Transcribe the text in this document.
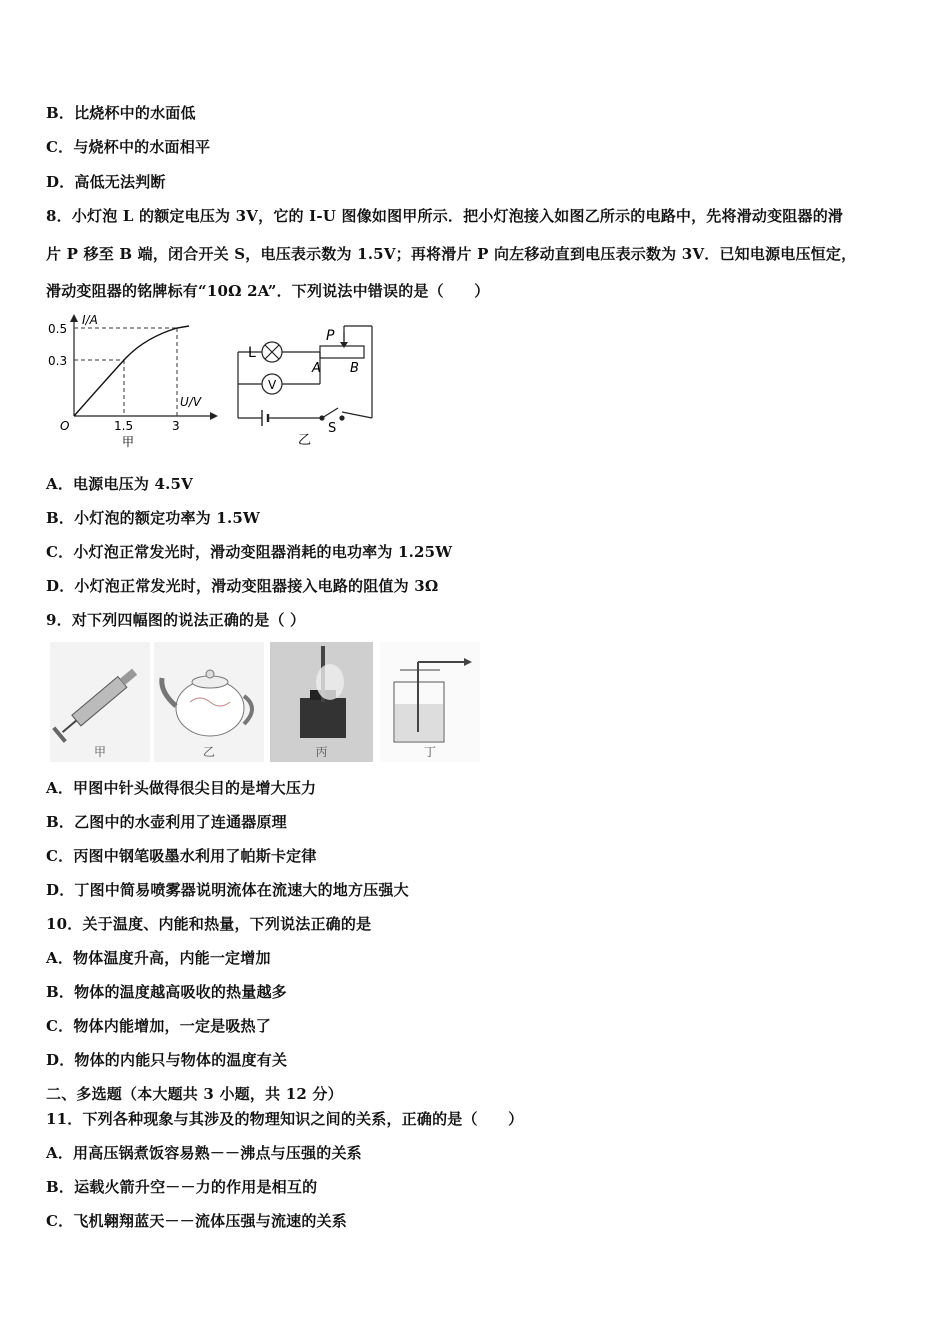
B．比烧杯中的水面低
C．与烧杯中的水面相平
D．高低无法判断
8．小灯泡 L 的额定电压为 3V，它的 I-U 图像如图甲所示．把小灯泡接入如图乙所示的电路中，先将滑动变阻器的滑
片 P 移至 B 端，闭合开关 S，电压表示数为 1.5V；再将滑片 P 向左移动直到电压表示数为 3V．已知电源电压恒定，
滑动变阻器的铭牌标有“10Ω 2A”．下列说法中错误的是（　　）
I/A
0.5
0.3
U/V
O	1.5	3
甲
L
V
P
A B
S
乙
A．电源电压为 4.5V
B．小灯泡的额定功率为 1.5W
C．小灯泡正常发光时，滑动变阻器消耗的电功率为 1.25W
D．小灯泡正常发光时，滑动变阻器接入电路的阻值为 3Ω
9．对下列四幅图的说法正确的是（ ）
甲	乙	丙	丁
A．甲图中针头做得很尖目的是增大压力
B．乙图中的水壶利用了连通器原理
C．丙图中钢笔吸墨水利用了帕斯卡定律
D．丁图中简易喷雾器说明流体在流速大的地方压强大
10．关于温度、内能和热量，下列说法正确的是
A．物体温度升高，内能一定增加
B．物体的温度越高吸收的热量越多
C．物体内能增加，一定是吸热了
D．物体的内能只与物体的温度有关
二、多选题（本大题共 3 小题，共 12 分）
11．下列各种现象与其涉及的物理知识之间的关系，正确的是（　　）
A．用高压锅煮饭容易熟－－沸点与压强的关系
B．运载火箭升空－－力的作用是相互的
C．飞机翱翔蓝天－－流体压强与流速的关系
